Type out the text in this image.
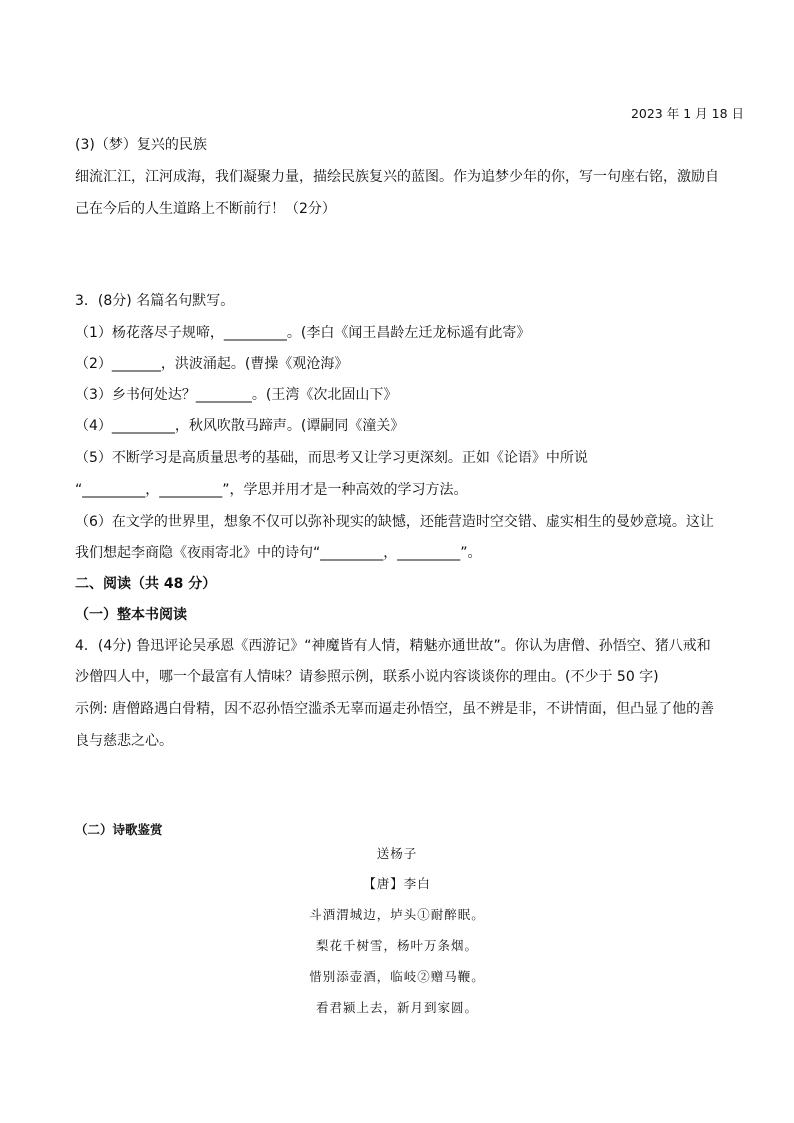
2023 年 1 月 18 日
(3)（梦）复兴的民族
细流汇江，江河成海，我们凝聚力量，描绘民族复兴的蓝图。作为追梦少年的你，写一句座右铭，激励自
己在今后的人生道路上不断前行！（2分）
3．(8分) 名篇名句默写。
（1）杨花落尽子规啼，_________。(李白《闻王昌龄左迁龙标遥有此寄》
（2）_______，洪波涌起。(曹操《观沧海》
（3）乡书何处达？________。(王湾《次北固山下》
（4）_________，秋风吹散马蹄声。(谭嗣同《潼关》
（5）不断学习是高质量思考的基础，而思考又让学习更深刻。正如《论语》中所说
“_________，_________”，学思并用才是一种高效的学习方法。
（6）在文学的世界里，想象不仅可以弥补现实的缺憾，还能营造时空交错、虚实相生的曼妙意境。这让
我们想起李商隐《夜雨寄北》中的诗句“_________，_________”。
二、阅读（共 48 分）
（一）整本书阅读
4．(4分) 鲁迅评论吴承恩《西游记》“神魔皆有人情，精魅亦通世故”。你认为唐僧、孙悟空、猪八戒和
沙僧四人中，哪一个最富有人情味？请参照示例，联系小说内容谈谈你的理由。(不少于 50 字)
示例: 唐僧路遇白骨精，因不忍孙悟空滥杀无辜而逼走孙悟空，虽不辨是非，不讲情面，但凸显了他的善
良与慈悲之心。
（二）诗歌鉴赏
送杨子
【唐】李白
斗酒渭城边，垆头①耐醉眠。
梨花千树雪，杨叶万条烟。
惜别添壶酒，临岐②赠马鞭。
看君颍上去，新月到家圆。
